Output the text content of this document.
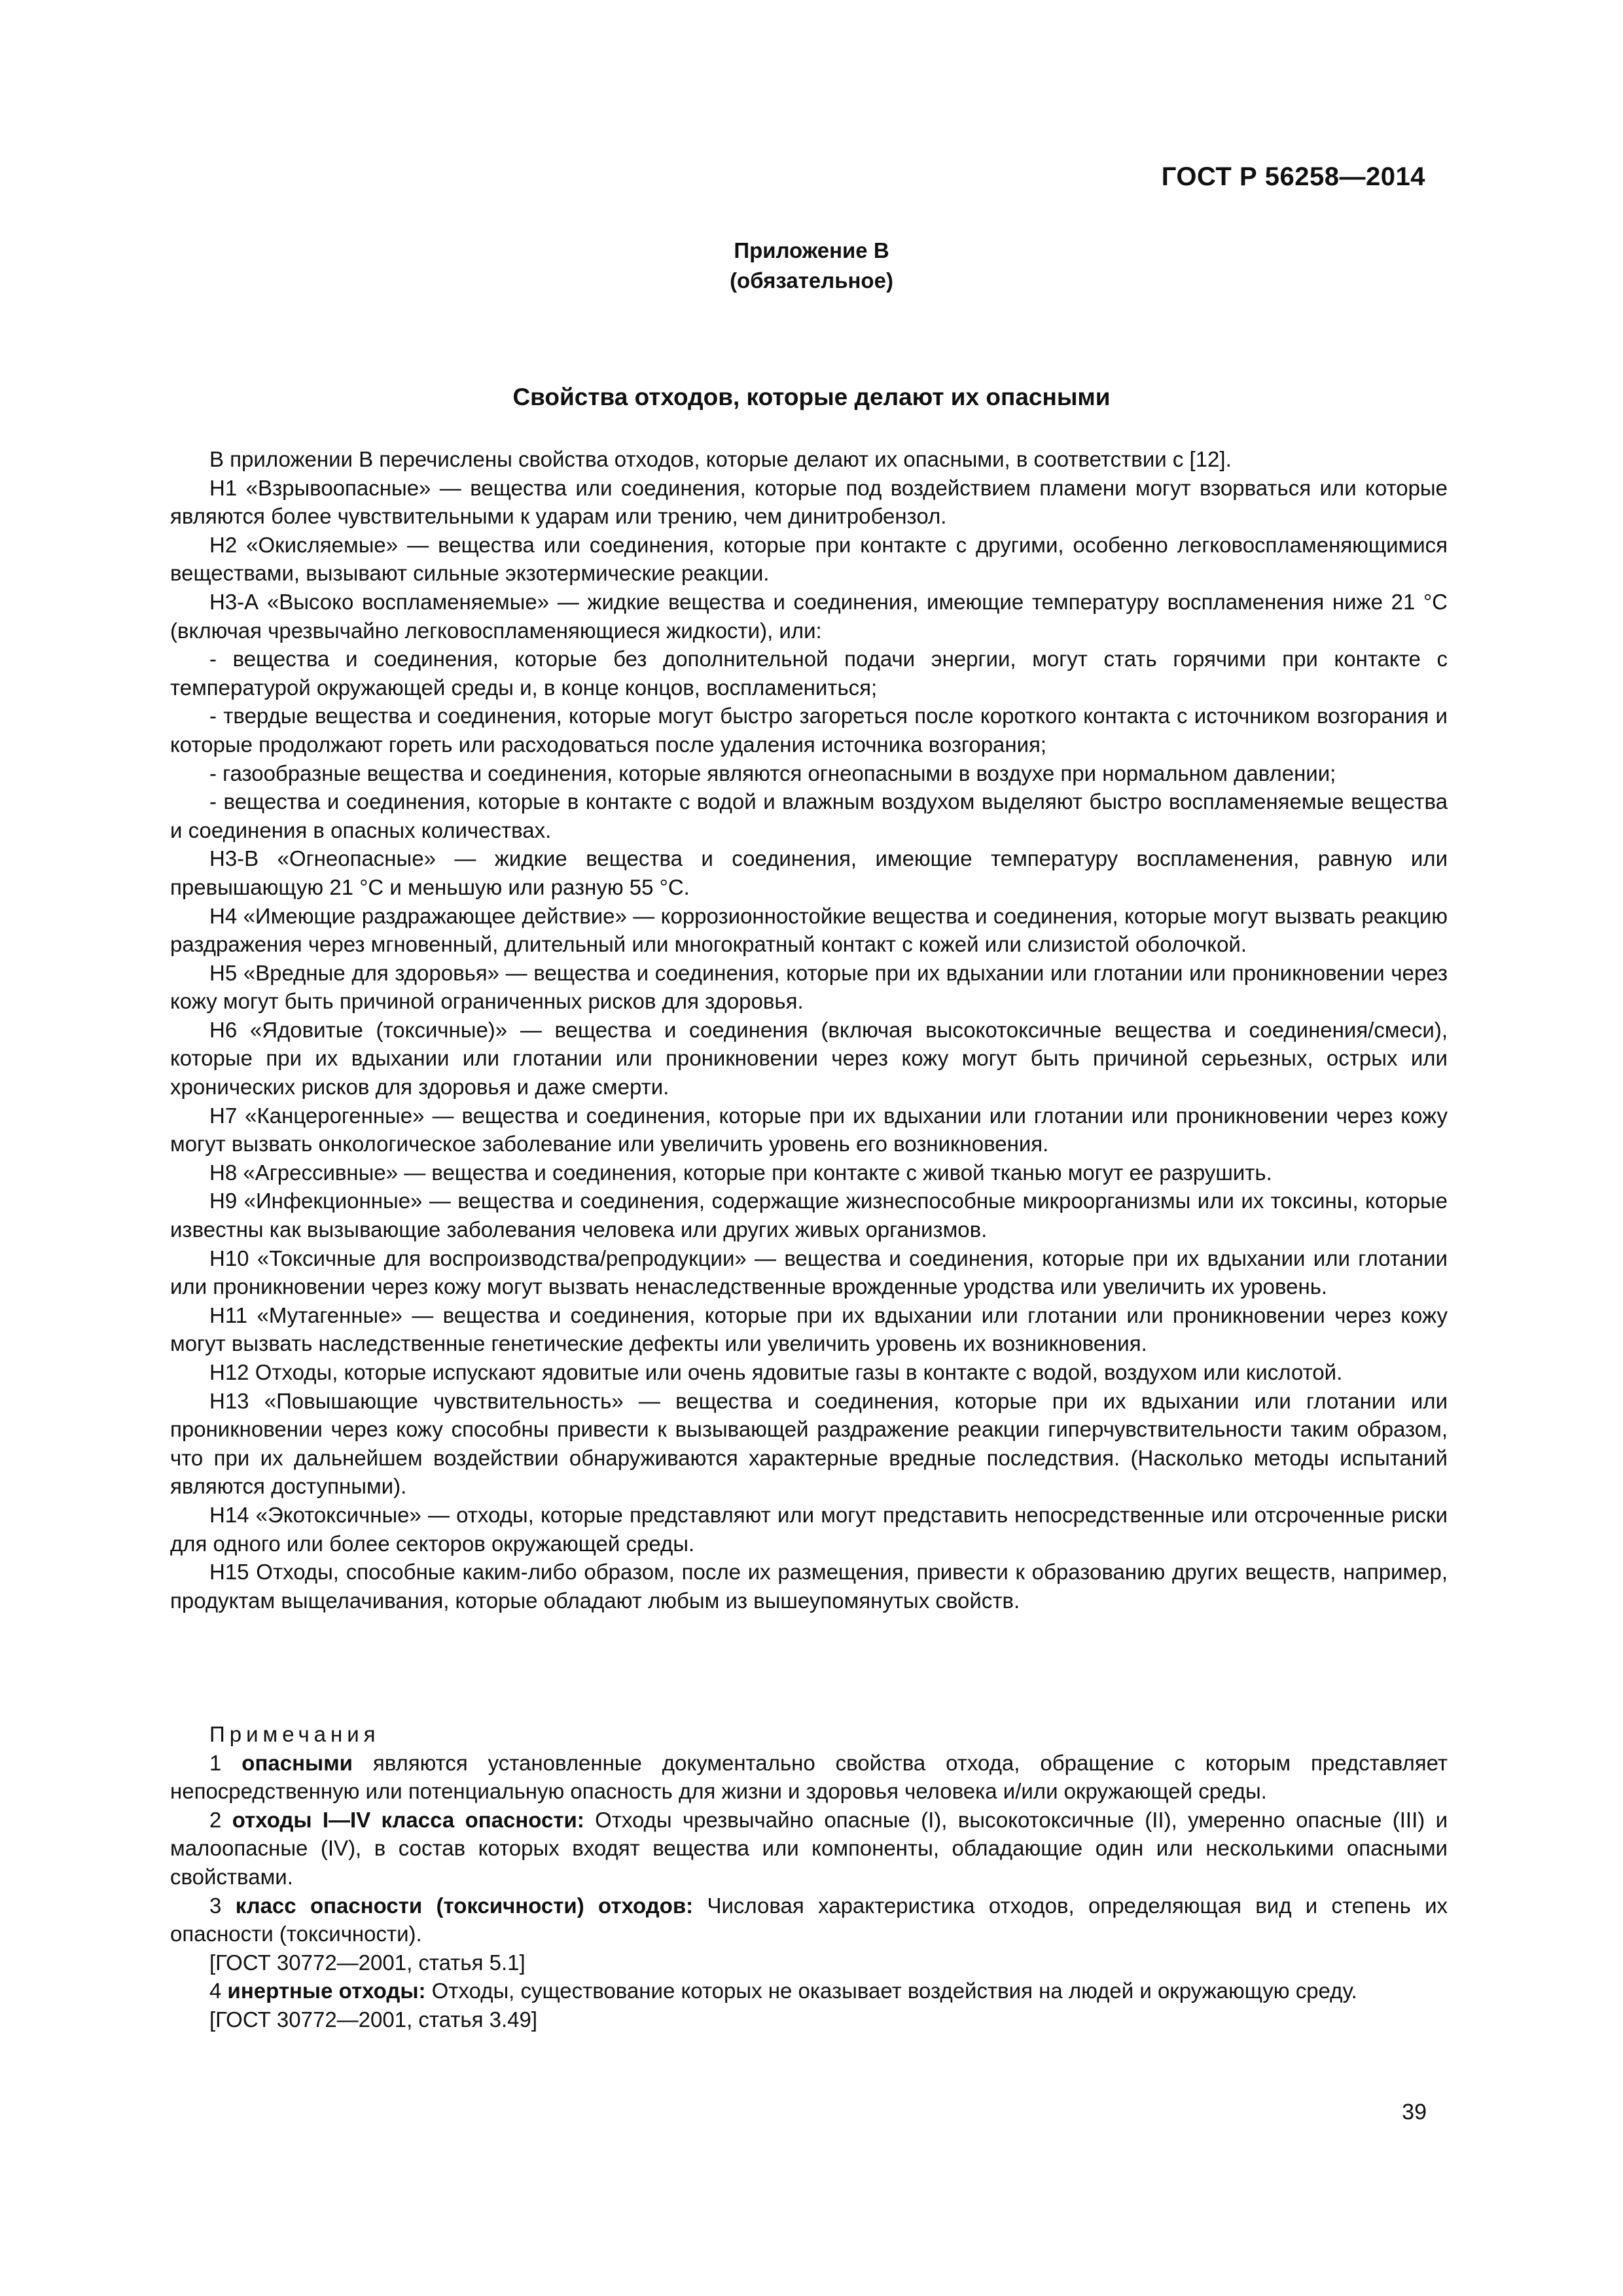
ГОСТ Р 56258—2014
Приложение В
(обязательное)
Свойства отходов, которые делают их опасными

В приложении В перечислены свойства отходов, которые делают их опасными, в соответствии с [12].

Н1 «Взрывоопасные» — вещества или соединения, которые под воздействием пламени могут взорваться или которые являются более чувствительными к ударам или трению, чем динитробензол.

Н2 «Окисляемые» — вещества или соединения, которые при контакте с другими, особенно легковоспламеняющимися веществами, вызывают сильные экзотермические реакции.

Н3-А «Высоко воспламеняемые» — жидкие вещества и соединения, имеющие температуру воспламенения ниже 21 °С (включая чрезвычайно легковоспламеняющиеся жидкости), или:

- вещества и соединения, которые без дополнительной подачи энергии, могут стать горячими при контакте с температурой окружающей среды и, в конце концов, воспламениться;

- твердые вещества и соединения, которые могут быстро загореться после короткого контакта с источником возгорания и которые продолжают гореть или расходоваться после удаления источника возгорания;

- газообразные вещества и соединения, которые являются огнеопасными в воздухе при нормальном давлении;

- вещества и соединения, которые в контакте с водой и влажным воздухом выделяют быстро воспламеняемые вещества и соединения в опасных количествах.

Н3-В «Огнеопасные» — жидкие вещества и соединения, имеющие температуру воспламенения, равную или превышающую 21 °С и меньшую или разную 55 °С.

Н4 «Имеющие раздражающее действие» — коррозионностойкие вещества и соединения, которые могут вызвать реакцию раздражения через мгновенный, длительный или многократный контакт с кожей или слизистой оболочкой.

Н5 «Вредные для здоровья» — вещества и соединения, которые при их вдыхании или глотании или проникновении через кожу могут быть причиной ограниченных рисков для здоровья.

Н6 «Ядовитые (токсичные)» — вещества и соединения (включая высокотоксичные вещества и соединения/смеси), которые при их вдыхании или глотании или проникновении через кожу могут быть причиной серьезных, острых или хронических рисков для здоровья и даже смерти.

Н7 «Канцерогенные» — вещества и соединения, которые при их вдыхании или глотании или проникновении через кожу могут вызвать онкологическое заболевание или увеличить уровень его возникновения.

Н8 «Агрессивные» — вещества и соединения, которые при контакте с живой тканью могут ее разрушить.

Н9 «Инфекционные» — вещества и соединения, содержащие жизнеспособные микроорганизмы или их токсины, которые известны как вызывающие заболевания человека или других живых организмов.

Н10 «Токсичные для воспроизводства/репродукции» — вещества и соединения, которые при их вдыхании или глотании или проникновении через кожу могут вызвать ненаследственные врожденные уродства или увеличить их уровень.

Н11 «Мутагенные» — вещества и соединения, которые при их вдыхании или глотании или проникновении через кожу могут вызвать наследственные генетические дефекты или увеличить уровень их возникновения.

Н12 Отходы, которые испускают ядовитые или очень ядовитые газы в контакте с водой, воздухом или кислотой.

Н13 «Повышающие чувствительность» — вещества и соединения, которые при их вдыхании или глотании или проникновении через кожу способны привести к вызывающей раздражение реакции гиперчувствительности таким образом, что при их дальнейшем воздействии обнаруживаются характерные вредные последствия. (Насколько методы испытаний являются доступными).

Н14 «Экотоксичные» — отходы, которые представляют или могут представить непосредственные или отсроченные риски для одного или более секторов окружающей среды.

Н15 Отходы, способные каким-либо образом, после их размещения, привести к образованию других веществ, например, продуктам выщелачивания, которые обладают любым из вышеупомянутых свойств.

Примечания

1 опасными являются установленные документально свойства отхода, обращение с которым представляет непосредственную или потенциальную опасность для жизни и здоровья человека и/или окружающей среды.

2 отходы I—IV класса опасности: Отходы чрезвычайно опасные (I), высокотоксичные (II), умеренно опасные (III) и малоопасные (IV), в состав которых входят вещества или компоненты, обладающие один или несколькими опасными свойствами.

3 класс опасности (токсичности) отходов: Числовая характеристика отходов, определяющая вид и степень их опасности (токсичности).

[ГОСТ 30772—2001, статья 5.1]

4 инертные отходы: Отходы, существование которых не оказывает воздействия на людей и окружающую среду.

[ГОСТ 30772—2001, статья 3.49]

39
